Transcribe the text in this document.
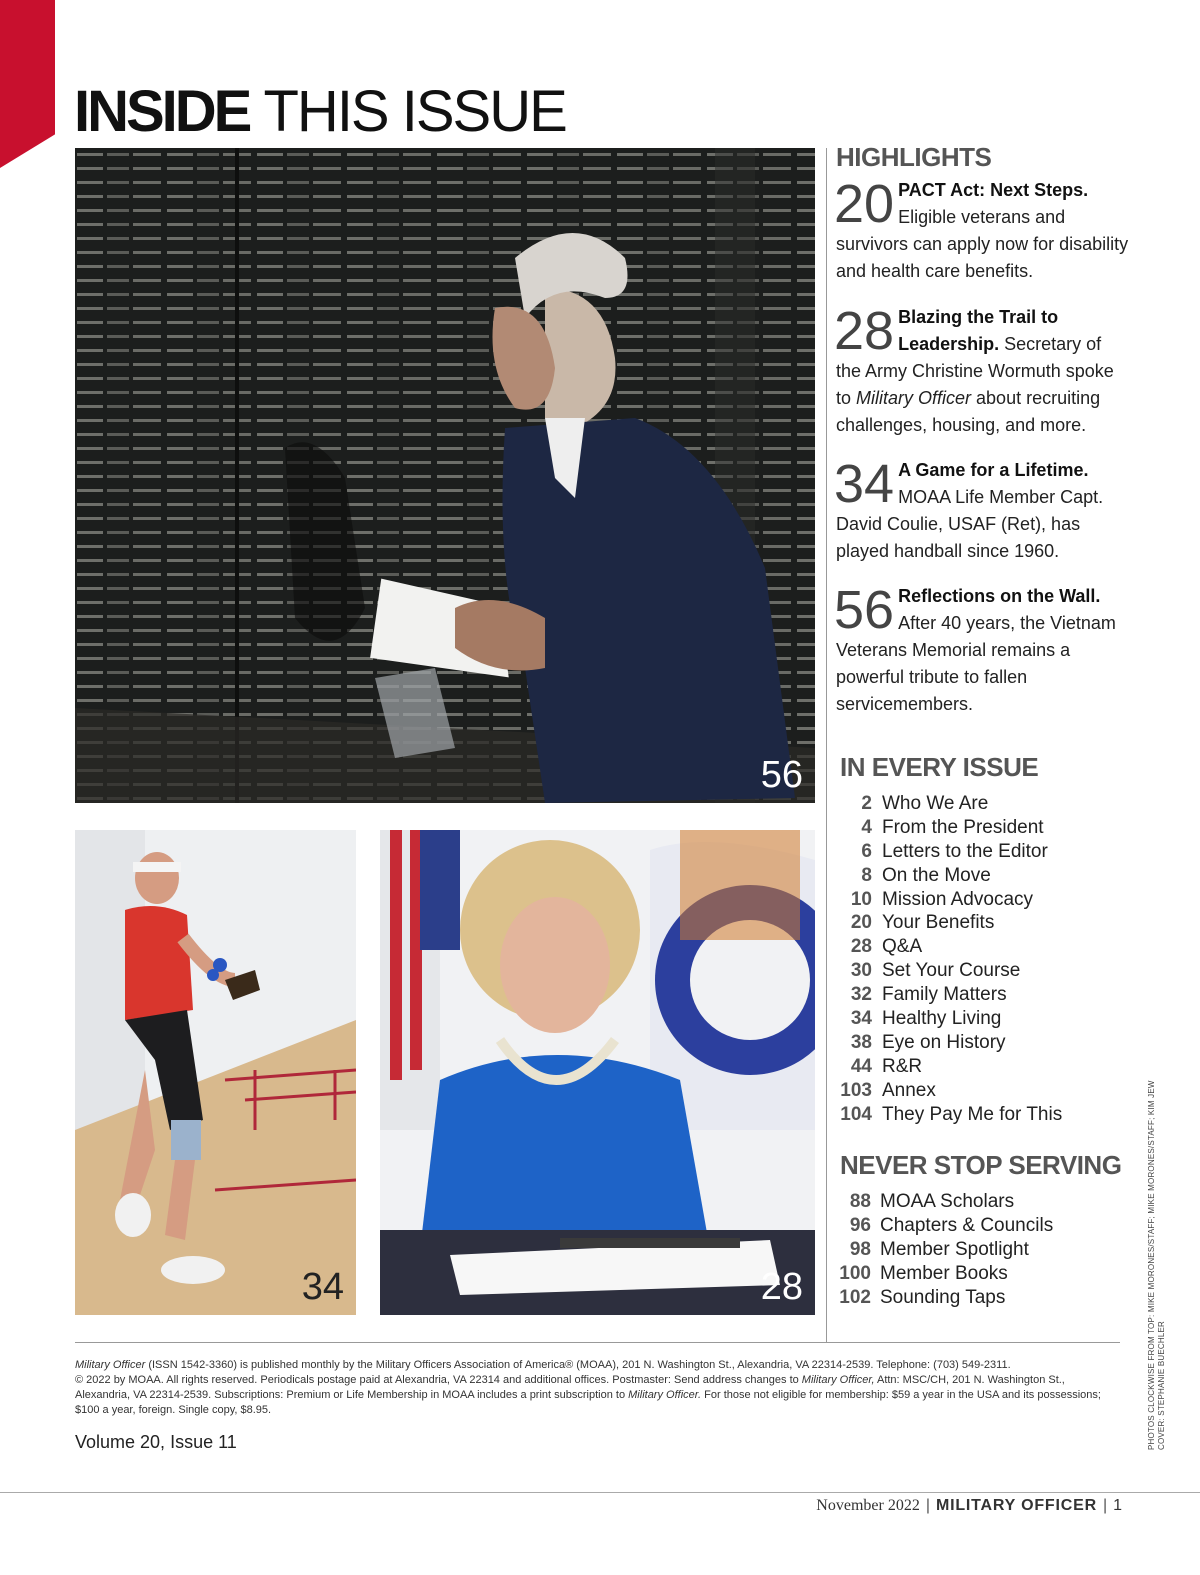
INSIDE THIS ISSUE
56
34	28
HIGHLIGHTS
20 PACT Act: Next Steps. Eligible veterans and survivors can apply now for disability and health care benefits.
28 Blazing the Trail to Leadership. Secretary of the Army Christine Wormuth spoke to Military Officer about recruiting challenges, housing, and more.
34 A Game for a Lifetime. MOAA Life Member Capt. David Coulie, USAF (Ret), has played handball since 1960.
56 Reflections on the Wall. After 40 years, the Vietnam Veterans Memorial remains a powerful tribute to fallen servicemembers.
IN EVERY ISSUE
2 Who We Are
4 From the President
6 Letters to the Editor
8 On the Move
10 Mission Advocacy
20 Your Benefits
28 Q&A
30 Set Your Course
32 Family Matters
34 Healthy Living
38 Eye on History
44 R&R
103 Annex
104 They Pay Me for This
NEVER STOP SERVING
88 MOAA Scholars
96 Chapters & Councils
98 Member Spotlight
100 Member Books
102 Sounding Taps

Military Officer (ISSN 1542-3360) is published monthly by the Military Officers Association of America® (MOAA), 201 N. Washington St., Alexandria, VA 22314-2539. Telephone: (703) 549-2311.

© 2022 by MOAA. All rights reserved. Periodicals postage paid at Alexandria, VA 22314 and additional offices. Postmaster: Send address changes to Military Officer, Attn: MSC/CH, 201 N. Washington St., Alexandria, VA 22314-2539. Subscriptions: Premium or Life Membership in MOAA includes a print subscription to Military Officer. For those not eligible for membership: $59 a year in the USA and its possessions; $100 a year, foreign. Single copy, $8.95.

Volume 20, Issue 11	PHOTOS CLOCKWISE FROM TOP: MIKE MORONES/STAFF; MIKE MORONES/STAFF; KIM JEW COVER: STEPHANIE BUECHLER
November 2022 | MILITARY OFFICER | 1
